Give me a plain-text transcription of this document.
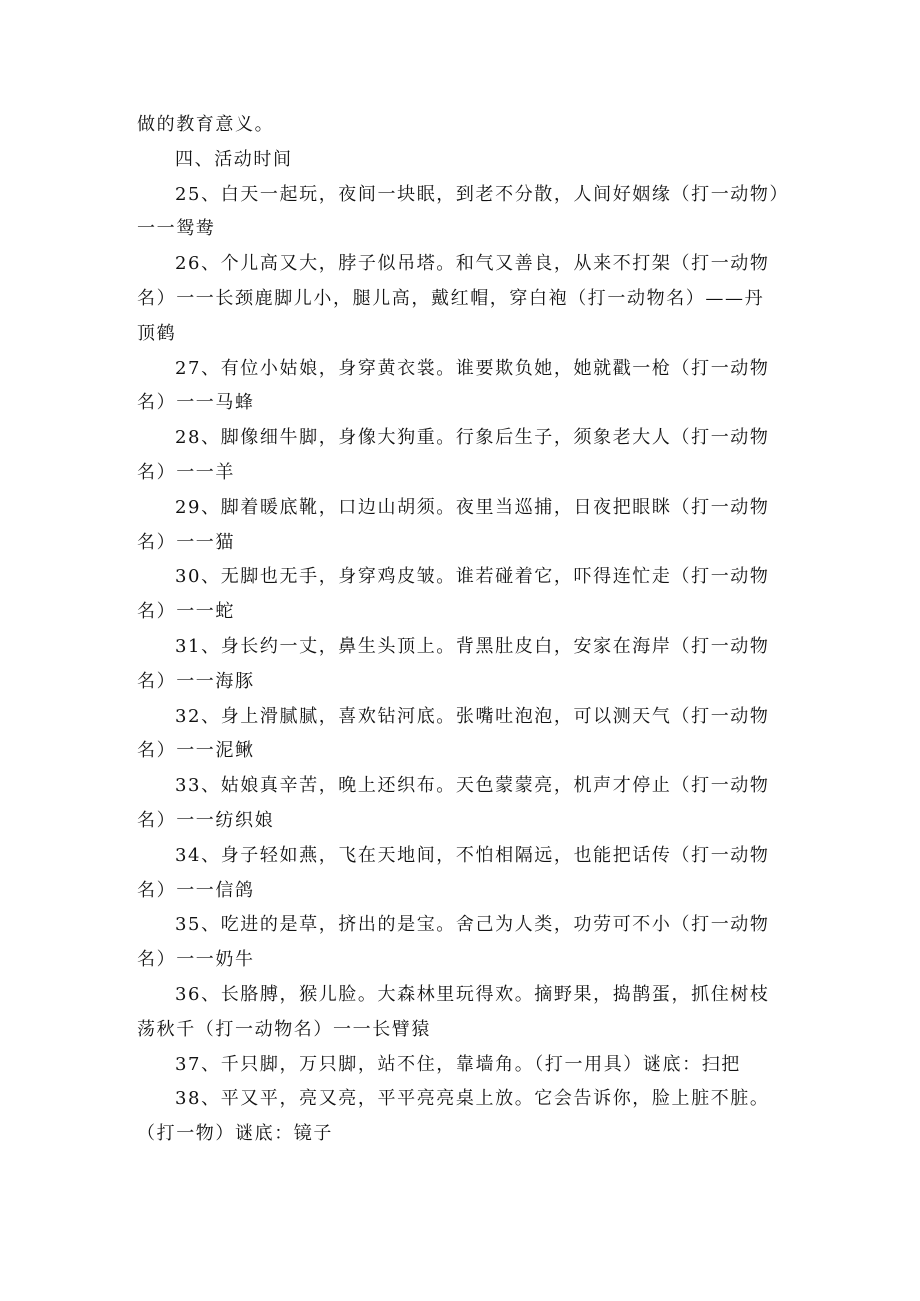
做的教育意义。
四、活动时间
25、白天一起玩，夜间一块眠，到老不分散，人间好姻缘（打一动物）
一一鸳鸯
26、个儿高又大，脖子似吊塔。和气又善良，从来不打架（打一动物
名）一一长颈鹿脚儿小，腿儿高，戴红帽，穿白袍（打一动物名）——丹
顶鹤
27、有位小姑娘，身穿黄衣裳。谁要欺负她，她就戳一枪（打一动物
名）一一马蜂
28、脚像细牛脚，身像大狗重。行象后生子，须象老大人（打一动物
名）一一羊
29、脚着暖底靴，口边山胡须。夜里当巡捕，日夜把眼眯（打一动物
名）一一猫
30、无脚也无手，身穿鸡皮皱。谁若碰着它，吓得连忙走（打一动物
名）一一蛇
31、身长约一丈，鼻生头顶上。背黑肚皮白，安家在海岸（打一动物
名）一一海豚
32、身上滑腻腻，喜欢钻河底。张嘴吐泡泡，可以测天气（打一动物
名）一一泥鳅
33、姑娘真辛苦，晚上还织布。天色蒙蒙亮，机声才停止（打一动物
名）一一纺织娘
34、身子轻如燕，飞在天地间，不怕相隔远，也能把话传（打一动物
名）一一信鸽
35、吃进的是草，挤出的是宝。舍己为人类，功劳可不小（打一动物
名）一一奶牛
36、长胳膊，猴儿脸。大森林里玩得欢。摘野果，捣鹊蛋，抓住树枝
荡秋千（打一动物名）一一长臂猿
37、千只脚，万只脚，站不住，靠墙角。（打一用具）谜底：扫把
38、平又平，亮又亮，平平亮亮桌上放。它会告诉你，脸上脏不脏。
（打一物）谜底：镜子
